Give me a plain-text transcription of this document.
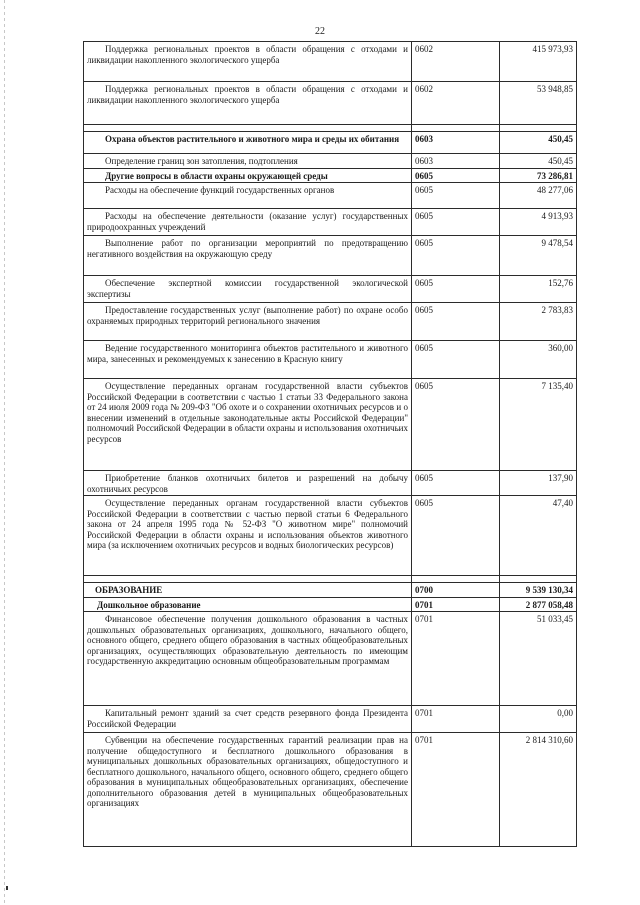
22
Поддержка региональных проектов в области обращения с отходами и ликвидации накопленного экологического ущерба	0602	415 973,93
Поддержка региональных проектов в области обращения с отходами и ликвидации накопленного экологического ущерба	0602	53 948,85

Охрана объектов растительного и животного мира и среды их обитания	0603	450,45
Определение границ зон затопления, подтопления	0603	450,45
Другие вопросы в области охраны окружающей среды	0605	73 286,81
Расходы на обеспечение функций государственных органов	0605	48 277,06
Расходы на обеспечение деятельности (оказание услуг) государственных природоохранных учреждений	0605	4 913,93
Выполнение работ по организации мероприятий по предотвращению негативного воздействия на окружающую среду	0605	9 478,54
Обеспечение экспертной комиссии государственной экологической экспертизы	0605	152,76
Предоставление государственных услуг (выполнение работ) по охране особо охраняемых природных территорий регионального значения	0605	2 783,83
Ведение государственного мониторинга объектов растительного и животного мира, занесенных и рекомендуемых к занесению в Красную книгу	0605	360,00
Осуществление переданных органам государственной власти субъектов Российской Федерации в соответствии с частью 1 статьи 33 Федерального закона от 24 июля 2009 года № 209-ФЗ "Об охоте и о сохранении охотничьих ресурсов и о внесении изменений в отдельные законодательные акты Российской Федерации" полномочий Российской Федерации в области охраны и использования охотничьих ресурсов	0605	7 135,40
Приобретение бланков охотничьих билетов и разрешений на добычу охотничьих ресурсов	0605	137,90
Осуществление переданных органам государственной власти субъектов Российской Федерации в соответствии с частью первой статьи 6 Федерального закона от 24 апреля 1995 года № 52-ФЗ "О животном мире" полномочий Российской Федерации в области охраны и использования объектов животного мира (за исключением охотничьих ресурсов и водных биологических ресурсов)	0605	47,40

ОБРАЗОВАНИЕ	0700	9 539 130,34
Дошкольное образование	0701	2 877 058,48
Финансовое обеспечение получения дошкольного образования в частных дошкольных образовательных организациях, дошкольного, начального общего, основного общего, среднего общего образования в частных общеобразовательных организациях, осуществляющих образовательную деятельность по имеющим государственную аккредитацию основным общеобразовательным программам	0701	51 033,45
Капитальный ремонт зданий за счет средств резервного фонда Президента Российской Федерации	0701	0,00
Субвенции на обеспечение государственных гарантий реализации прав на получение общедоступного и бесплатного дошкольного образования в муниципальных дошкольных образовательных организациях, общедоступного и бесплатного дошкольного, начального общего, основного общего, среднего общего образования в муниципальных общеобразовательных организациях, обеспечение дополнительного образования детей в муниципальных общеобразовательных организациях	0701	2 814 310,60
